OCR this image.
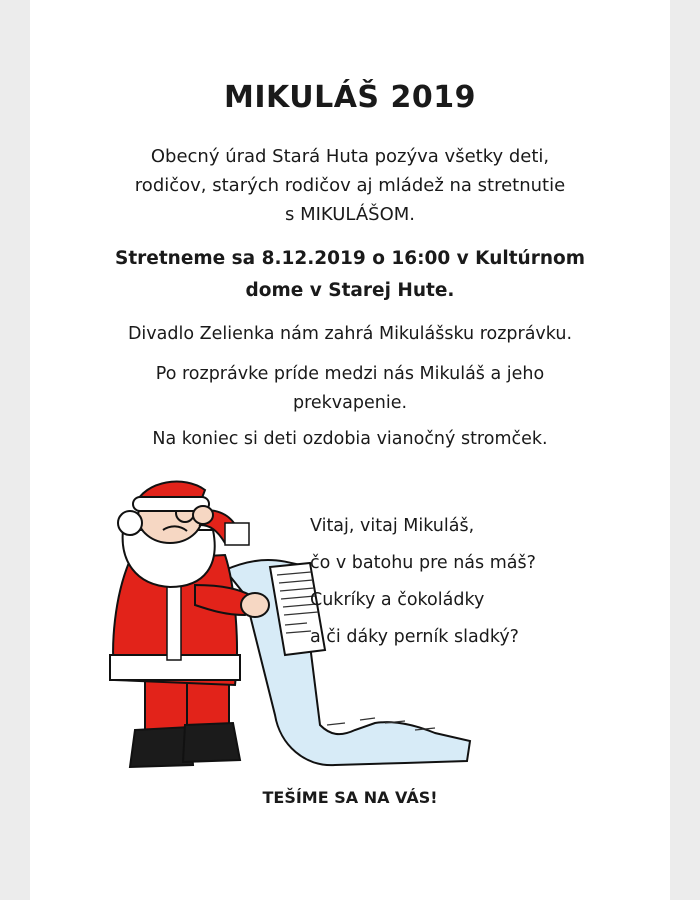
MIKULÁŠ 2019
Obecný úrad Stará Huta pozýva všetky deti,
rodičov, starých rodičov aj mládež na stretnutie
s MIKULÁŠOM.
Stretneme sa 8.12.2019 o 16:00 v Kultúrnom
dome v Starej Hute.
Divadlo Zelienka nám zahrá Mikulášsku rozprávku.
Po rozprávke príde medzi nás Mikuláš a jeho
prekvapenie.
Na koniec si deti ozdobia vianočný stromček.
Vitaj, vitaj Mikuláš,
čo v batohu pre nás máš?
Cukríky a čokoládky
a či dáky perník sladký?
TEŠÍME SA NA VÁS!
